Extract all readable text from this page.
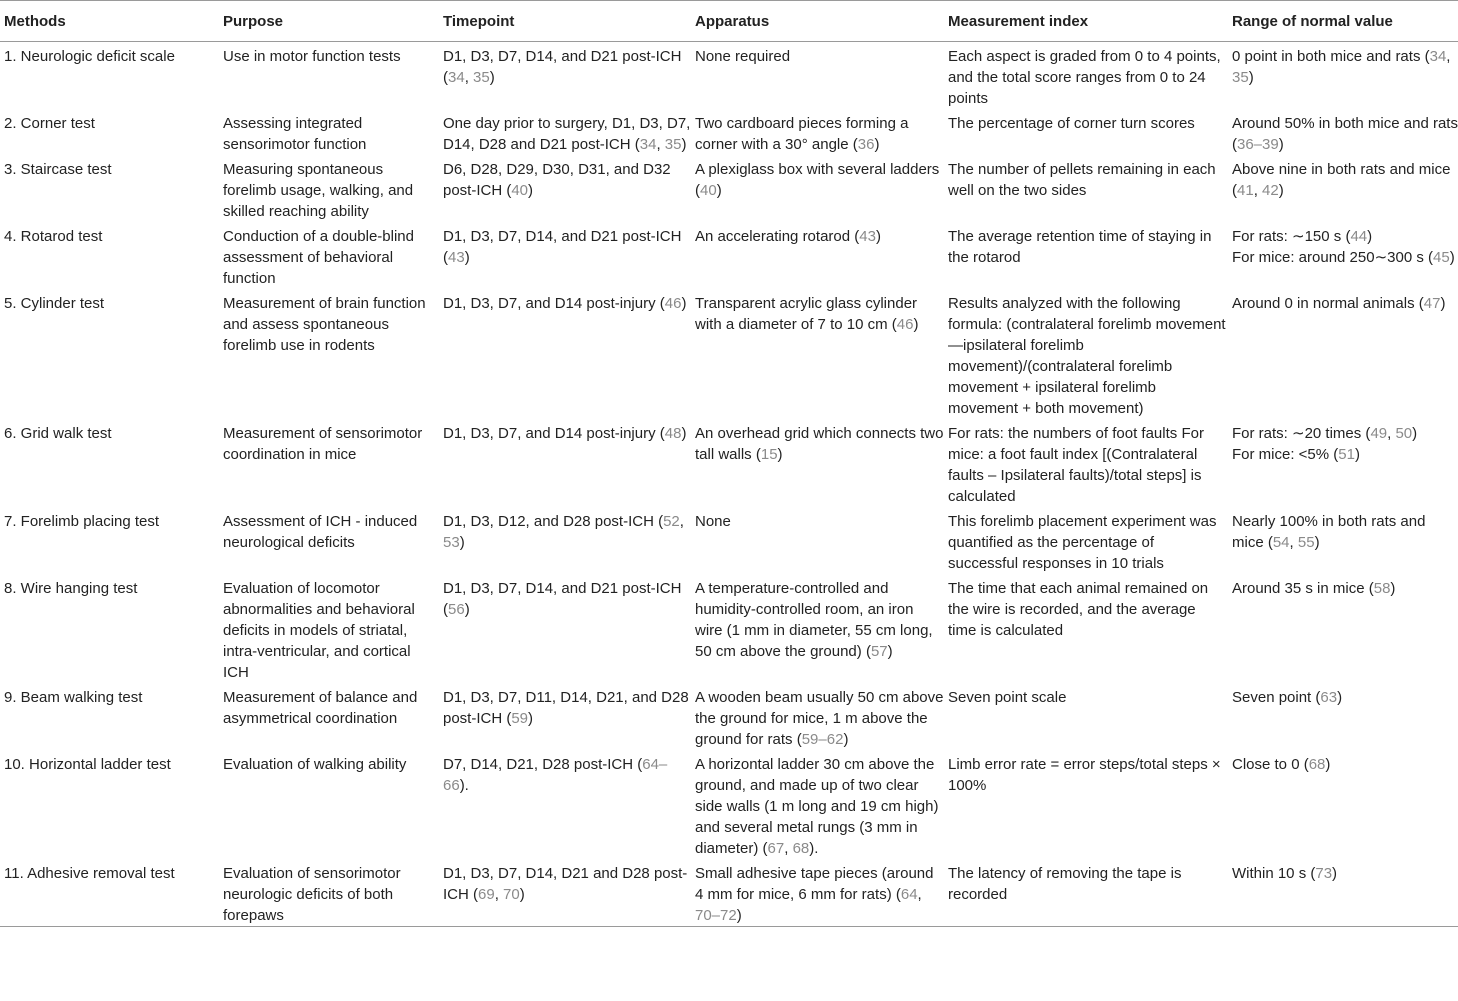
Methods	Purpose	Timepoint	Apparatus	Measurement index	Range of normal value
1. Neurologic deficit scale	Use in motor function tests	D1, D3, D7, D14, and D21 post-ICH (34, 35)	None required	Each aspect is graded from 0 to 4 points, and the total score ranges from 0 to 24 points	0 point in both mice and rats (34, 35)
2. Corner test	Assessing integrated sensorimotor function	One day prior to surgery, D1, D3, D7, D14, D28 and D21 post-ICH (34, 35)	Two cardboard pieces forming a corner with a 30° angle (36)	The percentage of corner turn scores	Around 50% in both mice and rats (36–39)
3. Staircase test	Measuring spontaneous forelimb usage, walking, and skilled reaching ability	D6, D28, D29, D30, D31, and D32 post-ICH (40)	A plexiglass box with several ladders (40)	The number of pellets remaining in each well on the two sides	Above nine in both rats and mice (41, 42)
4. Rotarod test	Conduction of a double-blind assessment of behavioral function	D1, D3, D7, D14, and D21 post-ICH (43)	An accelerating rotarod (43)	The average retention time of staying in the rotarod	For rats: ∼150 s (44)
For mice: around 250∼300 s (45)

5. Cylinder test	Measurement of brain function and assess spontaneous forelimb use in rodents	D1, D3, D7, and D14 post-injury (46)	Transparent acrylic glass cylinder with a diameter of 7 to 10 cm (46)	Results analyzed with the following formula: (contralateral forelimb movement—ipsilateral forelimb movement)/(contralateral forelimb movement + ipsilateral forelimb movement + both movement)	Around 0 in normal animals (47)
6. Grid walk test	Measurement of sensorimotor coordination in mice	D1, D3, D7, and D14 post-injury (48)	An overhead grid which connects two tall walls (15)	For rats: the numbers of foot faults For mice: a foot fault index [(Contralateral faults – Ipsilateral faults)/total steps] is calculated	For rats: ∼20 times (49, 50)
For mice: <5% (51)

7. Forelimb placing test	Assessment of ICH - induced neurological deficits	D1, D3, D12, and D28 post-ICH (52, 53)	None	This forelimb placement experiment was quantified as the percentage of successful responses in 10 trials	Nearly 100% in both rats and mice (54, 55)
8. Wire hanging test	Evaluation of locomotor abnormalities and behavioral deficits in models of striatal, intra-ventricular, and cortical ICH	D1, D3, D7, D14, and D21 post-ICH (56)	A temperature-controlled and humidity-controlled room, an iron wire (1 mm in diameter, 55 cm long, 50 cm above the ground) (57)	The time that each animal remained on the wire is recorded, and the average time is calculated	Around 35 s in mice (58)
9. Beam walking test	Measurement of balance and asymmetrical coordination	D1, D3, D7, D11, D14, D21, and D28 post-ICH (59)	A wooden beam usually 50 cm above the ground for mice, 1 m above the ground for rats (59–62)	Seven point scale	Seven point (63)
10. Horizontal ladder test	Evaluation of walking ability	D7, D14, D21, D28 post-ICH (64–66).	A horizontal ladder 30 cm above the ground, and made up of two clear side walls (1 m long and 19 cm high) and several metal rungs (3 mm in diameter) (67, 68).	Limb error rate = error steps/total steps × 100%	Close to 0 (68)
11. Adhesive removal test	Evaluation of sensorimotor neurologic deficits of both forepaws	D1, D3, D7, D14, D21 and D28 post-ICH (69, 70)	Small adhesive tape pieces (around 4 mm for mice, 6 mm for rats) (64, 70–72)	The latency of removing the tape is recorded	Within 10 s (73)
